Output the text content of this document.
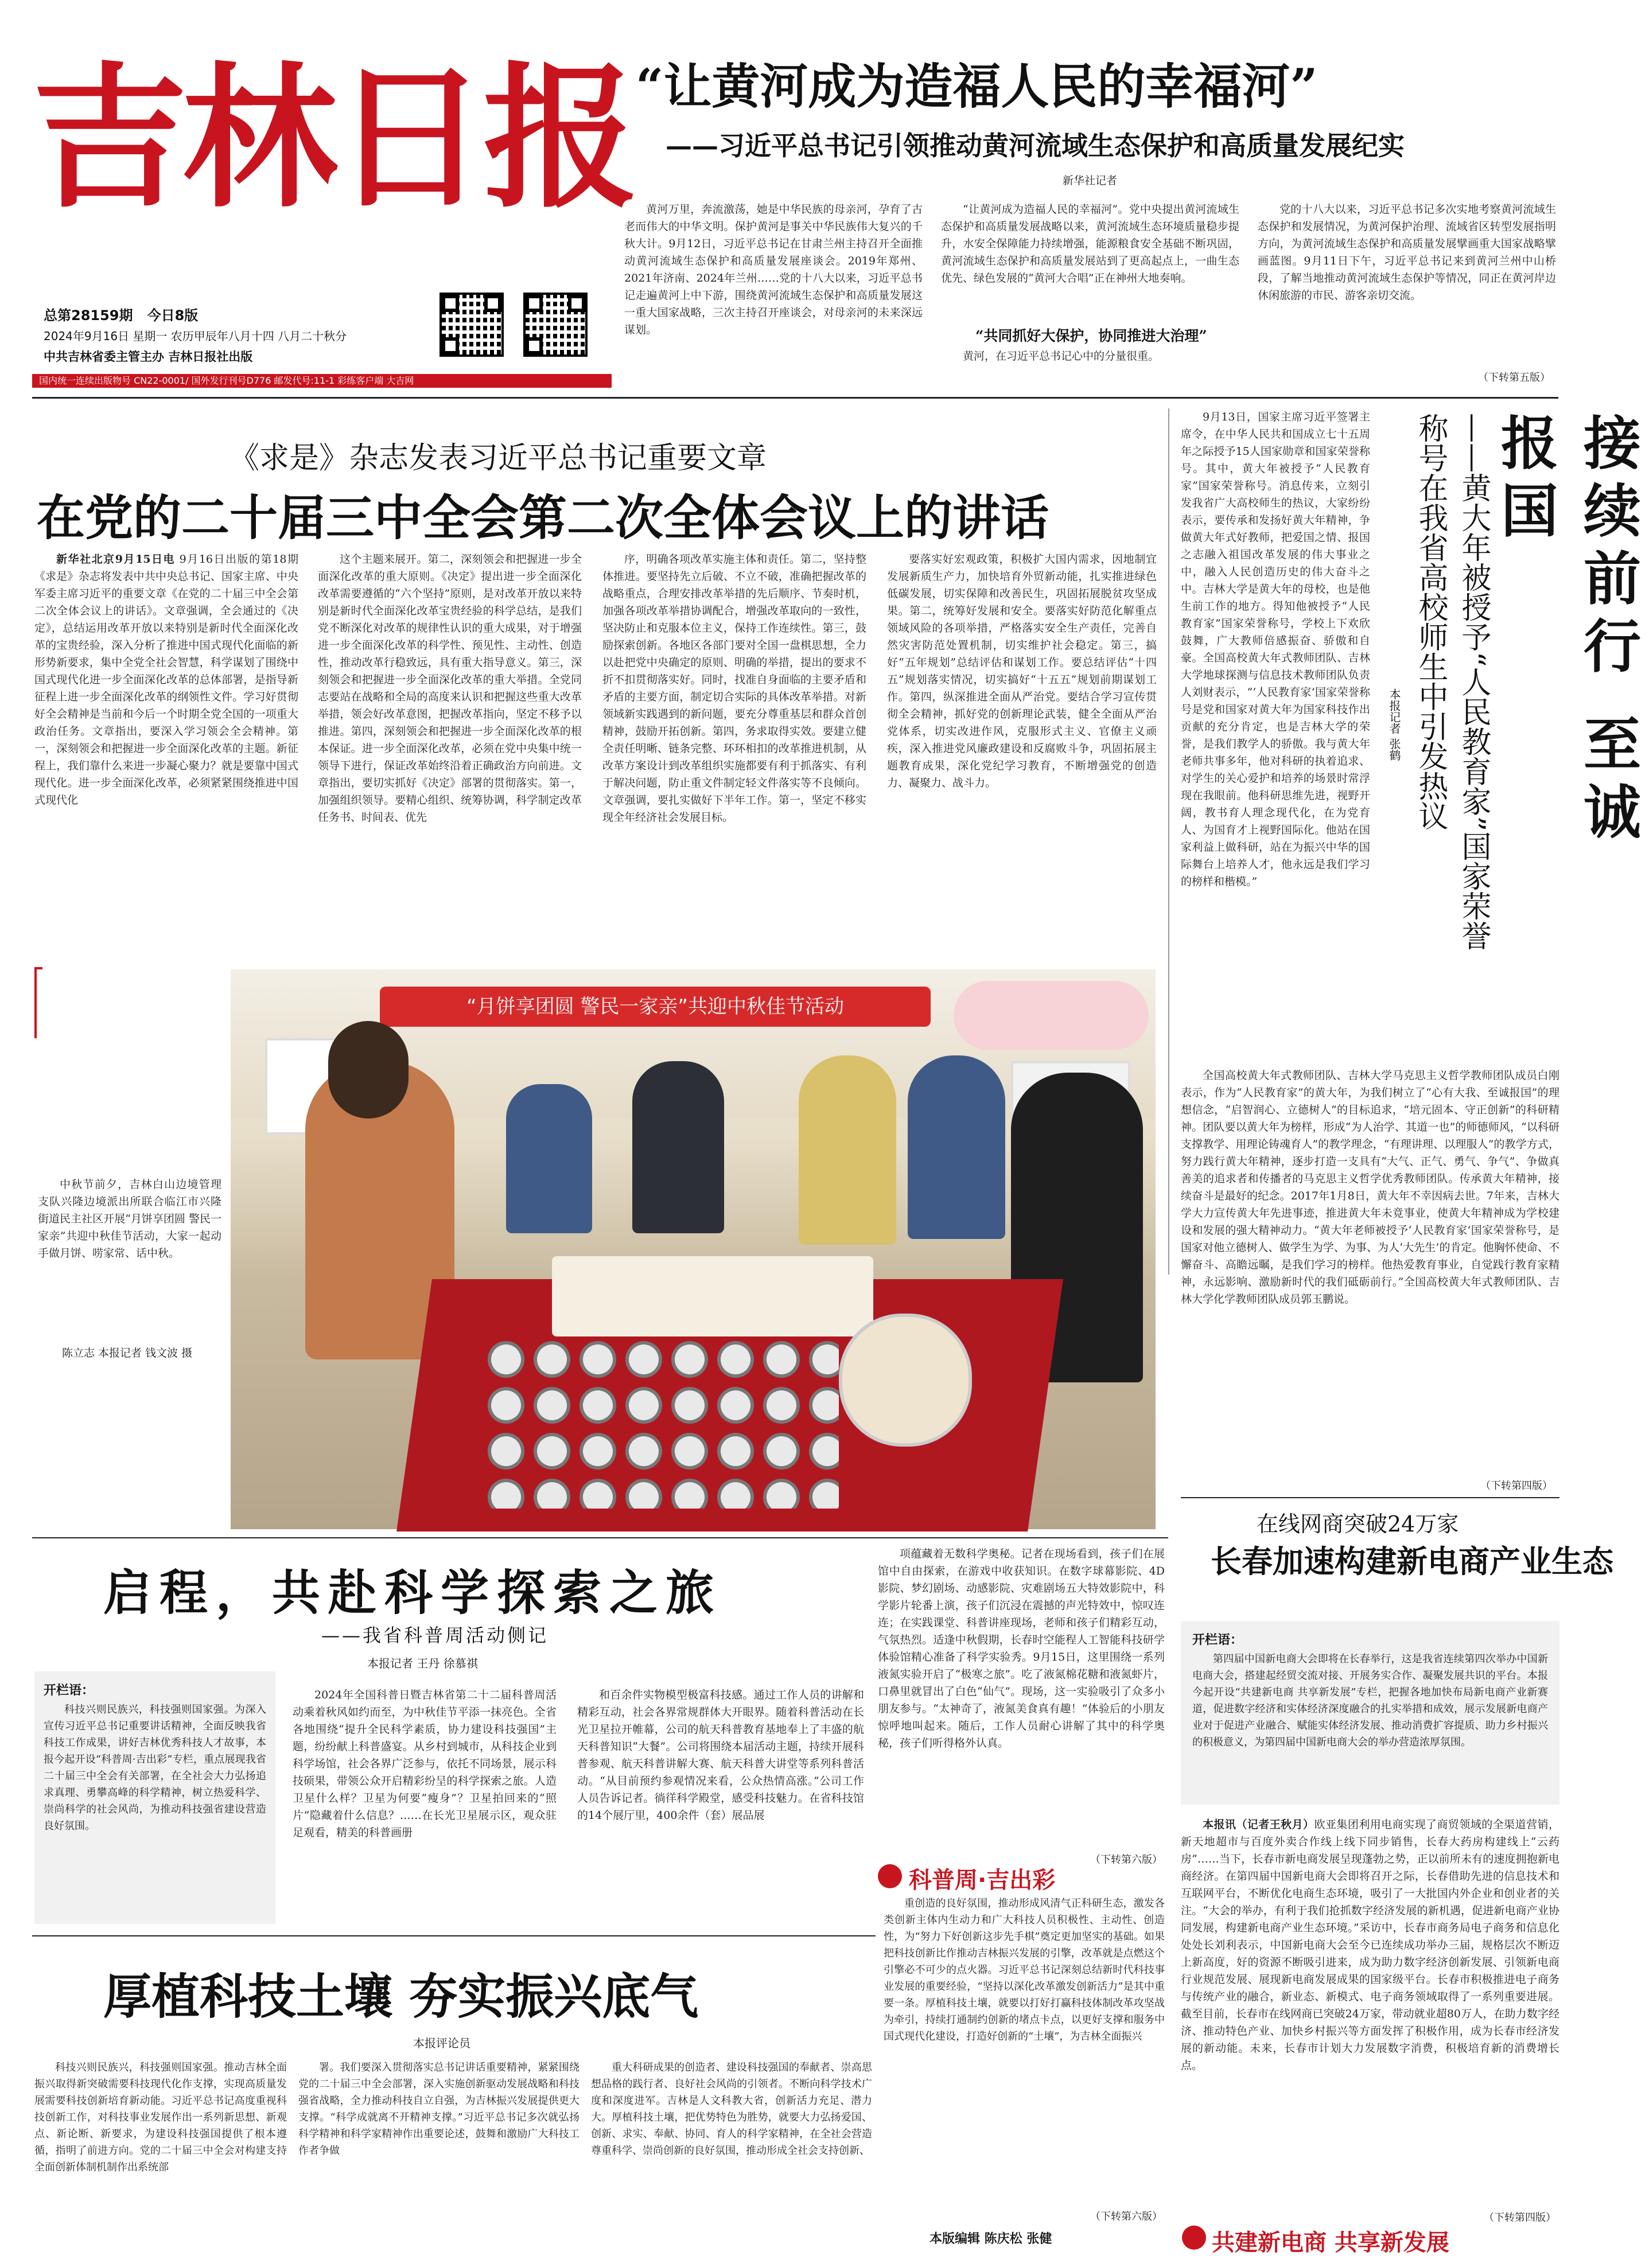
吉林日报
总第28159期 今日8版
2024年9月16日 星期一 农历甲辰年八月十四 八月二十秋分
中共吉林省委主管主办 吉林日报社出版
国内统一连续出版物号 CN22-0001/ 国外发行刊号D776 邮发代号:11-1 彩练客户端 大吉网
“让黄河成为造福人民的幸福河”
——习近平总书记引领推动黄河流域生态保护和高质量发展纪实
新华社记者

黄河万里，奔流激荡，她是中华民族的母亲河，孕育了古老而伟大的中华文明。保护黄河是事关中华民族伟大复兴的千秋大计。9月12日，习近平总书记在甘肃兰州主持召开全面推动黄河流域生态保护和高质量发展座谈会。2019年郑州、2021年济南、2024年兰州……党的十八大以来，习近平总书记走遍黄河上中下游，围绕黄河流域生态保护和高质量发展这一重大国家战略，三次主持召开座谈会，对母亲河的未来深远谋划。

“让黄河成为造福人民的幸福河”。党中央提出黄河流域生态保护和高质量发展战略以来，黄河流域生态环境质量稳步提升，水安全保障能力持续增强，能源粮食安全基础不断巩固，黄河流域生态保护和高质量发展站到了更高起点上，一曲生态优先、绿色发展的“黄河大合唱”正在神州大地奏响。

“共同抓好大保护，协同推进大治理”

黄河，在习近平总书记心中的分量很重。

党的十八大以来，习近平总书记多次实地考察黄河流域生态保护和发展情况，为黄河保护治理、流域省区转型发展指明方向，为黄河流域生态保护和高质量发展擘画重大国家战略擘画蓝图。9月11日下午，习近平总书记来到黄河兰州中山桥段，了解当地推动黄河流域生态保护等情况，同正在黄河岸边休闲旅游的市民、游客亲切交流。

（下转第五版）
《求是》杂志发表习近平总书记重要文章
在党的二十届三中全会第二次全体会议上的讲话

新华社北京9月15日电 9月16日出版的第18期《求是》杂志将发表中共中央总书记、国家主席、中央军委主席习近平的重要文章《在党的二十届三中全会第二次全体会议上的讲话》。文章强调，全会通过的《决定》，总结运用改革开放以来特别是新时代全面深化改革的宝贵经验，深入分析了推进中国式现代化面临的新形势新要求，集中全党全社会智慧，科学谋划了围绕中国式现代化进一步全面深化改革的总体部署，是指导新征程上进一步全面深化改革的纲领性文件。学习好贯彻好全会精神是当前和今后一个时期全党全国的一项重大政治任务。文章指出，要深入学习领会全会精神。第一，深刻领会和把握进一步全面深化改革的主题。新征程上，我们靠什么来进一步凝心聚力？就是要靠中国式现代化。进一步全面深化改革，必须紧紧围绕推进中国式现代化

这个主题来展开。第二，深刻领会和把握进一步全面深化改革的重大原则。《决定》提出进一步全面深化改革需要遵循的“六个坚持”原则，是对改革开放以来特别是新时代全面深化改革宝贵经验的科学总结，是我们党不断深化对改革的规律性认识的重大成果，对于增强进一步全面深化改革的科学性、预见性、主动性、创造性，推动改革行稳致远，具有重大指导意义。第三，深刻领会和把握进一步全面深化改革的重大举措。全党同志要站在战略和全局的高度来认识和把握这些重大改革举措，领会好改革意图，把握改革指向，坚定不移予以推进。第四，深刻领会和把握进一步全面深化改革的根本保证。进一步全面深化改革，必须在党中央集中统一领导下进行，保证改革始终沿着正确政治方向前进。文章指出，要切实抓好《决定》部署的贯彻落实。第一，加强组织领导。要精心组织、统筹协调，科学制定改革任务书、时间表、优先

序，明确各项改革实施主体和责任。第二，坚持整体推进。要坚持先立后破、不立不破，准确把握改革的战略重点，合理安排改革举措的先后顺序、节奏时机，加强各项改革举措协调配合，增强改革取向的一致性，坚决防止和克服本位主义，保持工作连续性。第三，鼓励探索创新。各地区各部门要对全国一盘棋思想，全力以赴把党中央确定的原则、明确的举措，提出的要求不折不扣贯彻落实好。同时，找准自身面临的主要矛盾和矛盾的主要方面，制定切合实际的具体改革举措。对新领域新实践遇到的新问题，要充分尊重基层和群众首创精神，鼓励开拓创新。第四，务求取得实效。要建立健全责任明晰、链条完整、环环相扣的改革推进机制，从改革方案设计到改革组织实施都要有利于抓落实、有利于解决问题，防止重文件制定轻文件落实等不良倾向。文章强调，要扎实做好下半年工作。第一，坚定不移实现全年经济社会发展目标。

要落实好宏观政策，积极扩大国内需求，因地制宜发展新质生产力，加快培育外贸新动能，扎实推进绿色低碳发展，切实保障和改善民生，巩固拓展脱贫攻坚成果。第二，统筹好发展和安全。要落实好防范化解重点领域风险的各项举措，严格落实安全生产责任，完善自然灾害防范处置机制，切实维护社会稳定。第三，搞好“五年规划”总结评估和谋划工作。要总结评估“十四五”规划落实情况，切实搞好“十五五”规划前期谋划工作。第四，纵深推进全面从严治党。要结合学习宣传贯彻全会精神，抓好党的创新理论武装，健全全面从严治党体系，切实改进作风，克服形式主义、官僚主义顽疾，深入推进党风廉政建设和反腐败斗争，巩固拓展主题教育成果，深化党纪学习教育，不断增强党的创造力、凝聚力、战斗力。

中秋节前夕，吉林白山边境管理支队兴隆边境派出所联合临江市兴隆街道民主社区开展“月饼享团圆 警民一家亲”共迎中秋佳节活动，大家一起动手做月饼、唠家常、话中秋。

陈立志 本报记者 钱文波 摄
“月饼享团圆 警民一家亲”共迎中秋佳节活动
接续前行 至诚报国
——黄大年被授予“人民教育家”国家荣誉称号在我省高校师生中引发热议
本报记者 张鹤

9月13日，国家主席习近平签署主席令，在中华人民共和国成立七十五周年之际授予15人国家勋章和国家荣誉称号。其中，黄大年被授予“人民教育家”国家荣誉称号。消息传来，立刻引发我省广大高校师生的热议，大家纷纷表示，要传承和发扬好黄大年精神，争做黄大年式好教师，把爱国之情、报国之志融入祖国改革发展的伟大事业之中，融入人民创造历史的伟大奋斗之中。吉林大学是黄大年的母校，也是他生前工作的地方。得知他被授予“人民教育家”国家荣誉称号，学校上下欢欣鼓舞，广大教师倍感振奋、骄傲和自豪。全国高校黄大年式教师团队、吉林大学地球探测与信息技术教师团队负责人刘财表示，“‘人民教育家’国家荣誉称号是党和国家对黄大年为国家科技作出贡献的充分肯定，也是吉林大学的荣誉，是我们教学人的骄傲。我与黄大年老师共事多年，他对科研的执着追求、对学生的关心爱护和培养的场景时常浮现在我眼前。他科研思维先进，视野开阔，教书育人理念现代化，在为党育人、为国育才上视野国际化。他站在国家利益上做科研，站在为振兴中华的国际舞台上培养人才，他永远是我们学习的榜样和楷模。”

全国高校黄大年式教师团队、吉林大学马克思主义哲学教师团队成员白刚表示，作为“人民教育家”的黄大年，为我们树立了“心有大我、至诚报国”的理想信念，“启智润心、立德树人”的目标追求，“培元固本、守正创新”的科研精神。团队要以黄大年为榜样，形成“为人治学、其道一也”的师德师风，“以科研支撑教学、用理论铸魂育人”的教学理念，“有理讲理、以理服人”的教学方式，努力践行黄大年精神，逐步打造一支具有“大气、正气、勇气、争气”、争做真善美的追求者和传播者的马克思主义哲学优秀教师团队。传承黄大年精神，接续奋斗是最好的纪念。2017年1月8日，黄大年不幸因病去世。7年来，吉林大学大力宣传黄大年先进事迹，推进黄大年未竟事业，使黄大年精神成为学校建设和发展的强大精神动力。“黄大年老师被授予‘人民教育家’国家荣誉称号，是国家对他立德树人、做学生为学、为事、为人‘大先生’的肯定。他胸怀使命、不懈奋斗、高瞻远瞩，是我们学习的榜样。他热爱教育事业，自觉践行教育家精神，永远影响、激励新时代的我们砥砺前行。”全国高校黄大年式教师团队、吉林大学化学教师团队成员郭玉鹏说。

（下转第四版）
在线网商突破24万家
长春加速构建新电商产业生态
开栏语：

第四届中国新电商大会即将在长春举行，这是我省连续第四次举办中国新电商大会，搭建起经贸交流对接、开展务实合作、凝聚发展共识的平台。本报今起开设“共建新电商 共享新发展”专栏，把握各地加快布局新电商产业新赛道，促进数字经济和实体经济深度融合的扎实举措和成效，展示发展新电商产业对于促进产业融合、赋能实体经济发展、推动消费扩容提质、助力乡村振兴的积极意义，为第四届中国新电商大会的举办营造浓厚氛围。

本报讯（记者王秋月）欧亚集团利用电商实现了商贸领域的全渠道营销，新天地超市与百度外卖合作线上线下同步销售，长春大药房构建线上“云药房”……当下，长春市新电商发展呈现蓬勃之势，正以前所未有的速度拥抱新电商经济。在第四届中国新电商大会即将召开之际，长春借助先进的信息技术和互联网平台，不断优化电商生态环境，吸引了一大批国内外企业和创业者的关注。“大会的举办，有利于我们抢抓数字经济发展的新机遇，促进新电商产业协同发展，构建新电商产业生态环境。”采访中，长春市商务局电子商务和信息化处处长刘利表示，中国新电商大会至今已连续成功举办三届，规格层次不断迈上新高度，好的资源不断吸引进来，成为助力数字经济创新发展、引领新电商行业规范发展、展现新电商发展成果的国家级平台。长春市积极推进电子商务与传统产业的融合，新业态、新模式、电子商务领域取得了一系列重要进展。截至目前，长春市在线网商已突破24万家，带动就业超80万人，在助力数字经济、推动特色产业、加快乡村振兴等方面发挥了积极作用，成为长春市经济发展的新动能。未来，长春市计划大力发展数字消费，积极培育新的消费增长点。

（下转第四版）
共建新电商 共享新发展
启程，共赴科学探索之旅
——我省科普周活动侧记
本报记者 王丹 徐慕祺
开栏语：

科技兴则民族兴，科技强则国家强。为深入宣传习近平总书记重要讲话精神，全面反映我省科技工作成果，讲好吉林优秀科技人才故事，本报今起开设“科普周·吉出彩”专栏，重点展现我省二十届三中全会有关部署，在全社会大力弘扬追求真理、勇攀高峰的科学精神，树立热爱科学、崇尚科学的社会风尚，为推动科技强省建设营造良好氛围。

2024年全国科普日暨吉林省第二十二届科普周活动乘着秋风如约而至，为中秋佳节平添一抹亮色。全省各地围绕“提升全民科学素质，协力建设科技强国”主题，纷纷献上科普盛宴。从乡村到城市，从科技企业到科学场馆，社会各界广泛参与，依托不同场景，展示科技硕果，带领公众开启精彩纷呈的科学探索之旅。人造卫星什么样？卫星为何要“瘦身”？卫星拍回来的“照片”隐藏着什么信息？……在长光卫星展示区，观众驻足观看，精美的科普画册

和百余件实物模型极富科技感。通过工作人员的讲解和精彩互动，社会各界常规群体大开眼界。随着科普活动在长光卫星拉开帷幕，公司的航天科普教育基地奉上了丰盛的航天科普知识“大餐”。公司将围绕本届活动主题，持续开展科普参观、航天科普讲解大赛、航天科普大讲堂等系列科普活动。“从目前预约参观情况来看，公众热情高涨。”公司工作人员告诉记者。徜徉科学殿堂，感受科技魅力。在省科技馆的14个展厅里，400余件（套）展品展

项蕴藏着无数科学奥秘。记者在现场看到，孩子们在展馆中自由探索，在游戏中收获知识。在数字球幕影院、4D影院、梦幻剧场、动感影院、灾难剧场五大特效影院中，科学影片轮番上演，孩子们沉浸在震撼的声光特效中，惊叹连连；在实践课堂、科普讲座现场，老师和孩子们精彩互动，气氛热烈。适逢中秋假期，长春时空能程人工智能科技研学体验馆精心准备了科学实验秀。9月15日，这里围绕一系列液氮实验开启了“极寒之旅”。吃了液氮棉花糖和液氮虾片，口鼻里就冒出了白色“仙气”。现场，这一实验吸引了众多小朋友参与。“太神奇了，液氮美食真有趣！”体验后的小朋友惊呼地叫起来。随后，工作人员耐心讲解了其中的科学奥秘，孩子们听得格外认真。

（下转第六版）
科普周·吉出彩
厚植科技土壤 夯实振兴底气
本报评论员

科技兴则民族兴，科技强则国家强。推动吉林全面振兴取得新突破需要科技现代化作支撑，实现高质量发展需要科技创新培育新动能。习近平总书记高度重视科技创新工作，对科技事业发展作出一系列新思想、新观点、新论断、新要求，为建设科技强国提供了根本遵循，指明了前进方向。党的二十届三中全会对构建支持全面创新体制机制作出系统部

署。我们要深入贯彻落实总书记讲话重要精神，紧紧围绕党的二十届三中全会部署，深入实施创新驱动发展战略和科技强省战略，全力推动科技自立自强，为吉林振兴发展提供更大支撑。“科学成就离不开精神支撑。”习近平总书记多次就弘扬科学精神和科学家精神作出重要论述，鼓舞和激励广大科技工作者争做

重大科研成果的创造者、建设科技强国的奉献者、崇高思想品格的践行者、良好社会风尚的引领者。不断向科学技术广度和深度进军。吉林是人文科教大省，创新活力充足、潜力大。厚植科技土壤，把优势特色为胜势，就要大力弘扬爱国、创新、求实、奉献、协同、育人的科学家精神，在全社会营造尊重科学、崇尚创新的良好氛围，推动形成全社会支持创新、

重创造的良好氛围，推动形成风清气正科研生态，激发各类创新主体内生动力和广大科技人员积极性、主动性、创造性，为“努力下好创新这步先手棋”奠定更加坚实的基础。如果把科技创新比作推动吉林振兴发展的引擎，改革就是点燃这个引擎必不可少的点火器。习近平总书记深刻总结新时代科技事业发展的重要经验，“坚持以深化改革激发创新活力”是其中重要一条。厚植科技土壤，就要以打好打赢科技体制改革攻坚战为牵引，持续打通制约创新的堵点卡点，以更好支撑和服务中国式现代化建设，打造好创新的“土壤”，为吉林全面振兴

（下转第六版）
本版编辑 陈庆松 张健
